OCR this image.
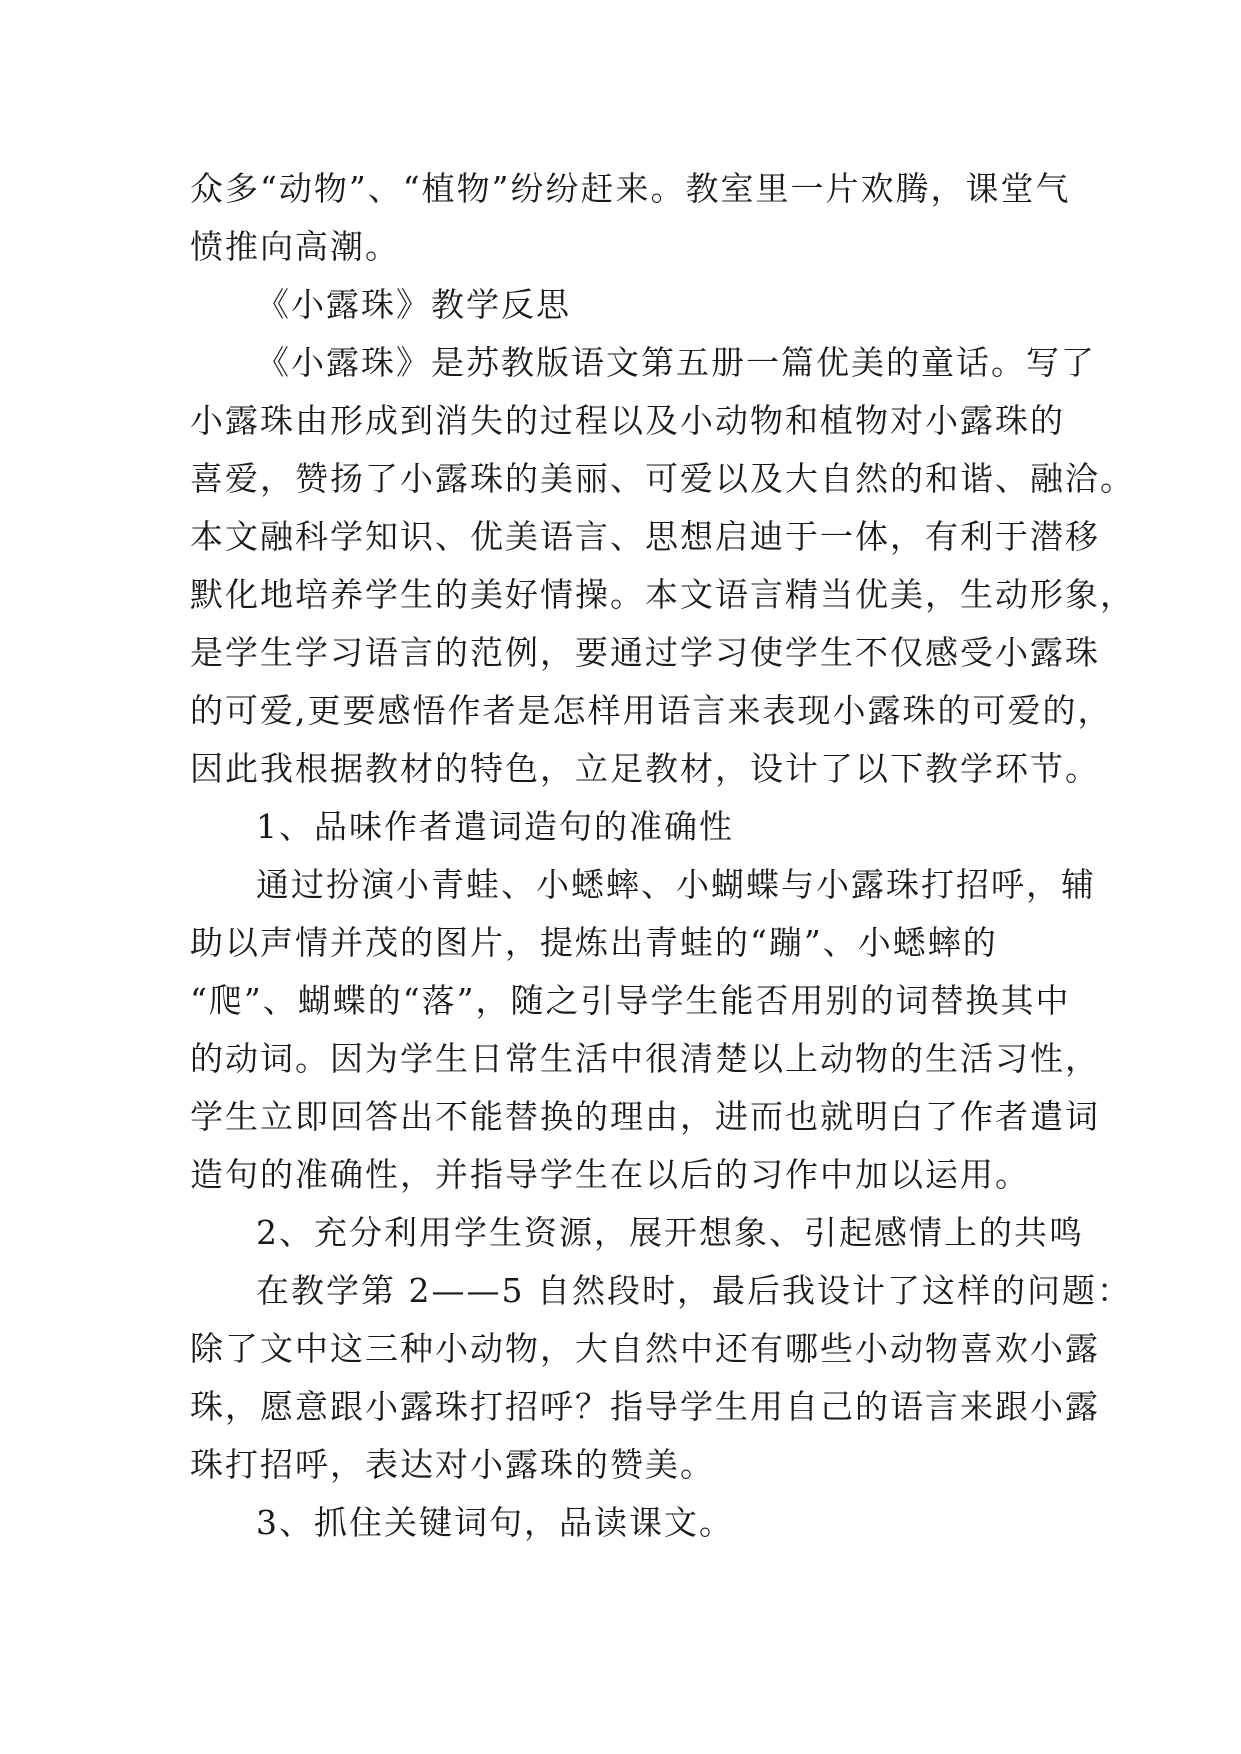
众多“动物”、“植物”纷纷赶来。教室里一片欢腾，课堂气
愤推向高潮。
《小露珠》教学反思
《小露珠》是苏教版语文第五册一篇优美的童话。写了
小露珠由形成到消失的过程以及小动物和植物对小露珠的
喜爱，赞扬了小露珠的美丽、可爱以及大自然的和谐、融洽。
本文融科学知识、优美语言、思想启迪于一体，有利于潜移
默化地培养学生的美好情操。本文语言精当优美，生动形象，
是学生学习语言的范例，要通过学习使学生不仅感受小露珠
的可爱,更要感悟作者是怎样用语言来表现小露珠的可爱的，
因此我根据教材的特色，立足教材，设计了以下教学环节。
1、品味作者遣词造句的准确性
通过扮演小青蛙、小蟋蟀、小蝴蝶与小露珠打招呼，辅
助以声情并茂的图片，提炼出青蛙的“蹦”、小蟋蟀的
“爬”、蝴蝶的“落”，随之引导学生能否用别的词替换其中
的动词。因为学生日常生活中很清楚以上动物的生活习性，
学生立即回答出不能替换的理由，进而也就明白了作者遣词
造句的准确性，并指导学生在以后的习作中加以运用。
2、充分利用学生资源，展开想象、引起感情上的共鸣
在教学第 2——5 自然段时，最后我设计了这样的问题：
除了文中这三种小动物，大自然中还有哪些小动物喜欢小露
珠，愿意跟小露珠打招呼？指导学生用自己的语言来跟小露
珠打招呼，表达对小露珠的赞美。
3、抓住关键词句，品读课文。
